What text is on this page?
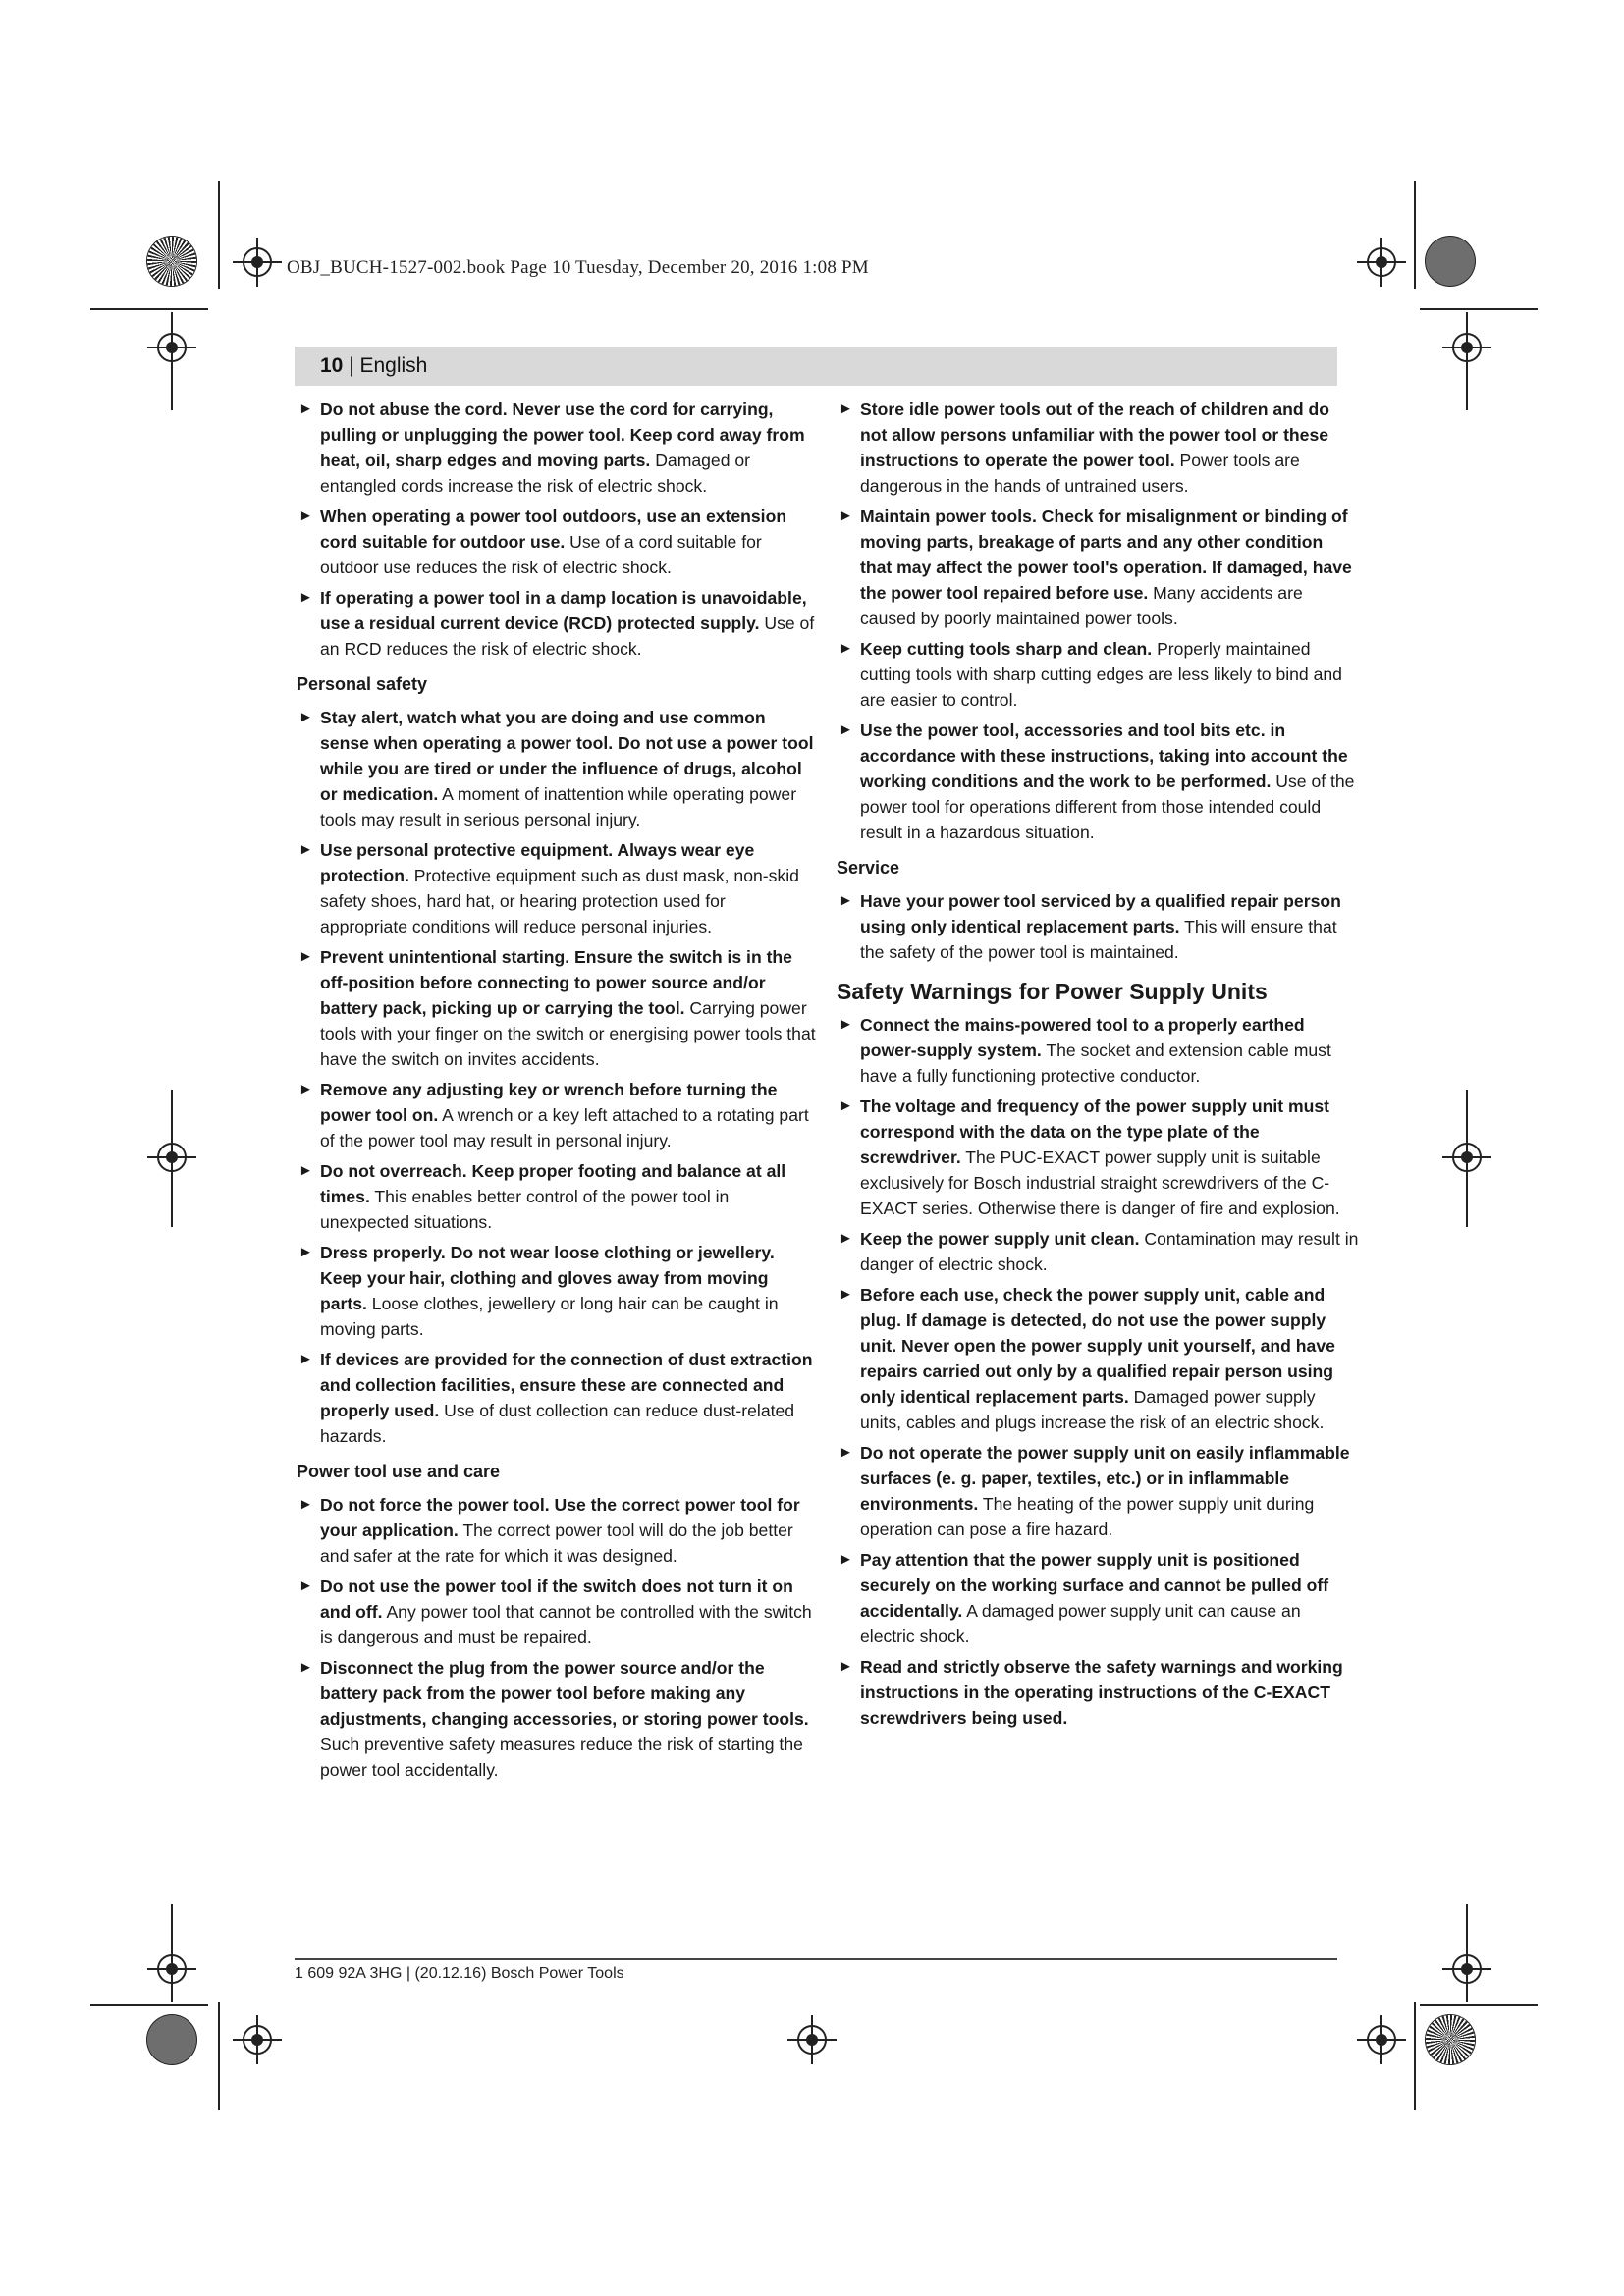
OBJ_BUCH-1527-002.book Page 10 Tuesday, December 20, 2016 1:08 PM
10 | English
► Do not abuse the cord. Never use the cord for carrying, pulling or unplugging the power tool. Keep cord away from heat, oil, sharp edges and moving parts. Damaged or entangled cords increase the risk of electric shock.
► When operating a power tool outdoors, use an extension cord suitable for outdoor use. Use of a cord suitable for outdoor use reduces the risk of electric shock.
► If operating a power tool in a damp location is unavoidable, use a residual current device (RCD) protected supply. Use of an RCD reduces the risk of electric shock.
Personal safety
► Stay alert, watch what you are doing and use common sense when operating a power tool. Do not use a power tool while you are tired or under the influence of drugs, alcohol or medication. A moment of inattention while operating power tools may result in serious personal injury.
► Use personal protective equipment. Always wear eye protection. Protective equipment such as dust mask, non-skid safety shoes, hard hat, or hearing protection used for appropriate conditions will reduce personal injuries.
► Prevent unintentional starting. Ensure the switch is in the off-position before connecting to power source and/or battery pack, picking up or carrying the tool. Carrying power tools with your finger on the switch or energising power tools that have the switch on invites accidents.
► Remove any adjusting key or wrench before turning the power tool on. A wrench or a key left attached to a rotating part of the power tool may result in personal injury.
► Do not overreach. Keep proper footing and balance at all times. This enables better control of the power tool in unexpected situations.
► Dress properly. Do not wear loose clothing or jewellery. Keep your hair, clothing and gloves away from moving parts. Loose clothes, jewellery or long hair can be caught in moving parts.
► If devices are provided for the connection of dust extraction and collection facilities, ensure these are connected and properly used. Use of dust collection can reduce dust-related hazards.
Power tool use and care
► Do not force the power tool. Use the correct power tool for your application. The correct power tool will do the job better and safer at the rate for which it was designed.
► Do not use the power tool if the switch does not turn it on and off. Any power tool that cannot be controlled with the switch is dangerous and must be repaired.
► Disconnect the plug from the power source and/or the battery pack from the power tool before making any adjustments, changing accessories, or storing power tools. Such preventive safety measures reduce the risk of starting the power tool accidentally.
► Store idle power tools out of the reach of children and do not allow persons unfamiliar with the power tool or these instructions to operate the power tool. Power tools are dangerous in the hands of untrained users.
► Maintain power tools. Check for misalignment or binding of moving parts, breakage of parts and any other condition that may affect the power tool's operation. If damaged, have the power tool repaired before use. Many accidents are caused by poorly maintained power tools.
► Keep cutting tools sharp and clean. Properly maintained cutting tools with sharp cutting edges are less likely to bind and are easier to control.
► Use the power tool, accessories and tool bits etc. in accordance with these instructions, taking into account the working conditions and the work to be performed. Use of the power tool for operations different from those intended could result in a hazardous situation.
Service
► Have your power tool serviced by a qualified repair person using only identical replacement parts. This will ensure that the safety of the power tool is maintained.
Safety Warnings for Power Supply Units
► Connect the mains-powered tool to a properly earthed power-supply system. The socket and extension cable must have a fully functioning protective conductor.
► The voltage and frequency of the power supply unit must correspond with the data on the type plate of the screwdriver. The PUC-EXACT power supply unit is suitable exclusively for Bosch industrial straight screwdrivers of the C-EXACT series. Otherwise there is danger of fire and explosion.
► Keep the power supply unit clean. Contamination may result in danger of electric shock.
► Before each use, check the power supply unit, cable and plug. If damage is detected, do not use the power supply unit. Never open the power supply unit yourself, and have repairs carried out only by a qualified repair person using only identical replacement parts. Damaged power supply units, cables and plugs increase the risk of an electric shock.
► Do not operate the power supply unit on easily inflammable surfaces (e. g. paper, textiles, etc.) or in inflammable environments. The heating of the power supply unit during operation can pose a fire hazard.
► Pay attention that the power supply unit is positioned securely on the working surface and cannot be pulled off accidentally. A damaged power supply unit can cause an electric shock.
► Read and strictly observe the safety warnings and working instructions in the operating instructions of the C-EXACT screwdrivers being used.
1 609 92A 3HG | (20.12.16) Bosch Power Tools
